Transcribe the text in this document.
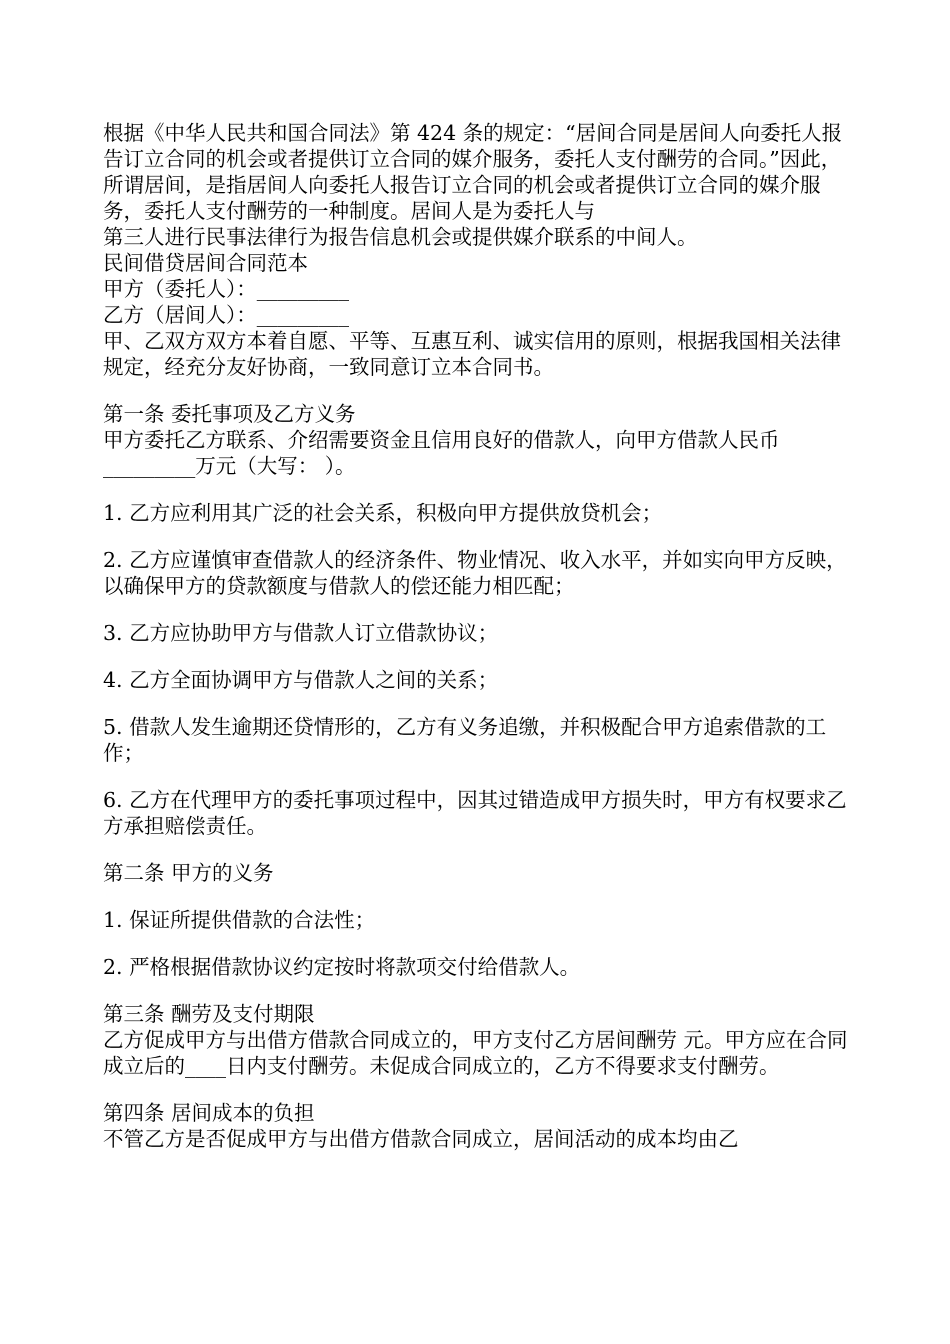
根据《中华人民共和国合同法》第 424 条的规定：“居间合同是居间人向委托人报告订立合同的机会或者提供订立合同的媒介服务，委托人支付酬劳的合同。”因此，所谓居间，是指居间人向委托人报告订立合同的机会或者提供订立合同的媒介服务，委托人支付酬劳的一种制度。居间人是为委托人与

第三人进行民事法律行为报告信息机会或提供媒介联系的中间人。

民间借贷居间合同范本

甲方（委托人）：_________

乙方（居间人）：_________

甲、乙双方双方本着自愿、平等、互惠互利、诚实信用的原则，根据我国相关法律规定，经充分友好协商，一致同意订立本合同书。

第一条 委托事项及乙方义务

甲方委托乙方联系、介绍需要资金且信用良好的借款人，向甲方借款人民币 _________万元（大写： ）。

1. 乙方应利用其广泛的社会关系，积极向甲方提供放贷机会；

2. 乙方应谨慎审查借款人的经济条件、物业情况、收入水平，并如实向甲方反映，以确保甲方的贷款额度与借款人的偿还能力相匹配；

3. 乙方应协助甲方与借款人订立借款协议；

4. 乙方全面协调甲方与借款人之间的关系；

5. 借款人发生逾期还贷情形的，乙方有义务追缴，并积极配合甲方追索借款的工作；

6. 乙方在代理甲方的委托事项过程中，因其过错造成甲方损失时，甲方有权要求乙方承担赔偿责任。

第二条 甲方的义务

1. 保证所提供借款的合法性；

2. 严格根据借款协议约定按时将款项交付给借款人。

第三条 酬劳及支付期限

乙方促成甲方与出借方借款合同成立的，甲方支付乙方居间酬劳 元。甲方应在合同成立后的____日内支付酬劳。未促成合同成立的，乙方不得要求支付酬劳。

第四条 居间成本的负担

不管乙方是否促成甲方与出借方借款合同成立，居间活动的成本均由乙
